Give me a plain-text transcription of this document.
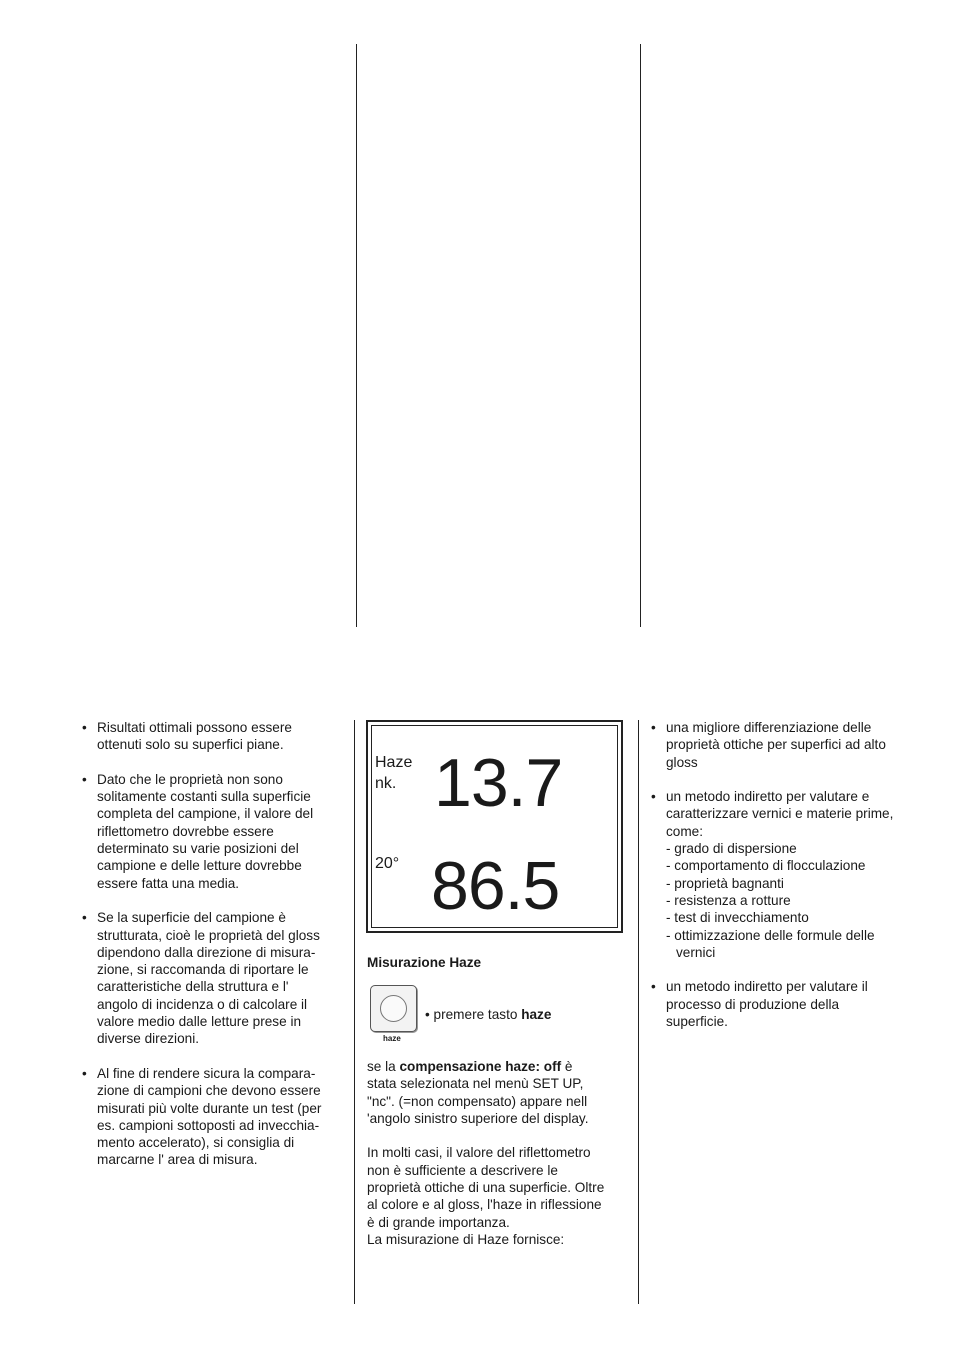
• Risultati ottimali possono essere
ottenuti solo su superfici piane.
• Dato che le proprietà non sono
solitamente costanti sulla superficie
completa del campione, il valore del
riflettometro dovrebbe essere
determinato su varie posizioni del
campione e delle letture dovrebbe
essere fatta una media.
• Se la superficie del campione è
strutturata, cioè le proprietà del gloss
dipendono dalla direzione di misura-
zione, si raccomanda di riportare le
caratteristiche della struttura e l'
angolo di incidenza o di calcolare il
valore medio dalle letture prese in
diverse direzioni.
• Al fine di rendere sicura la compara-
zione di campioni che devono essere
misurati più volte durante un test (per
es. campioni sottoposti ad invecchia-
mento accelerato), si consiglia di
marcarne l' area di misura.
Haze
nk. 13.7
20° 86.5
Misurazione Haze
haze
• premere tasto haze
se la compensazione haze: off è
stata selezionata nel menù SET UP,
"nc". (=non compensato) appare nell
'angolo sinistro superiore del display.
In molti casi, il valore del riflettometro
non è sufficiente a descrivere le
proprietà ottiche di una superficie. Oltre
al colore e al gloss, l'haze in riflessione
è di grande importanza.
La misurazione di Haze fornisce:
• una migliore differenziazione delle
proprietà ottiche per superfici ad alto
gloss
• un metodo indiretto per valutare e
caratterizzare vernici e materie prime,
come:
- grado di dispersione
- comportamento di flocculazione
- proprietà bagnanti
- resistenza a rotture
- test di invecchiamento
- ottimizzazione delle formule delle

vernici
• un metodo indiretto per valutare il
processo di produzione della
superficie.
